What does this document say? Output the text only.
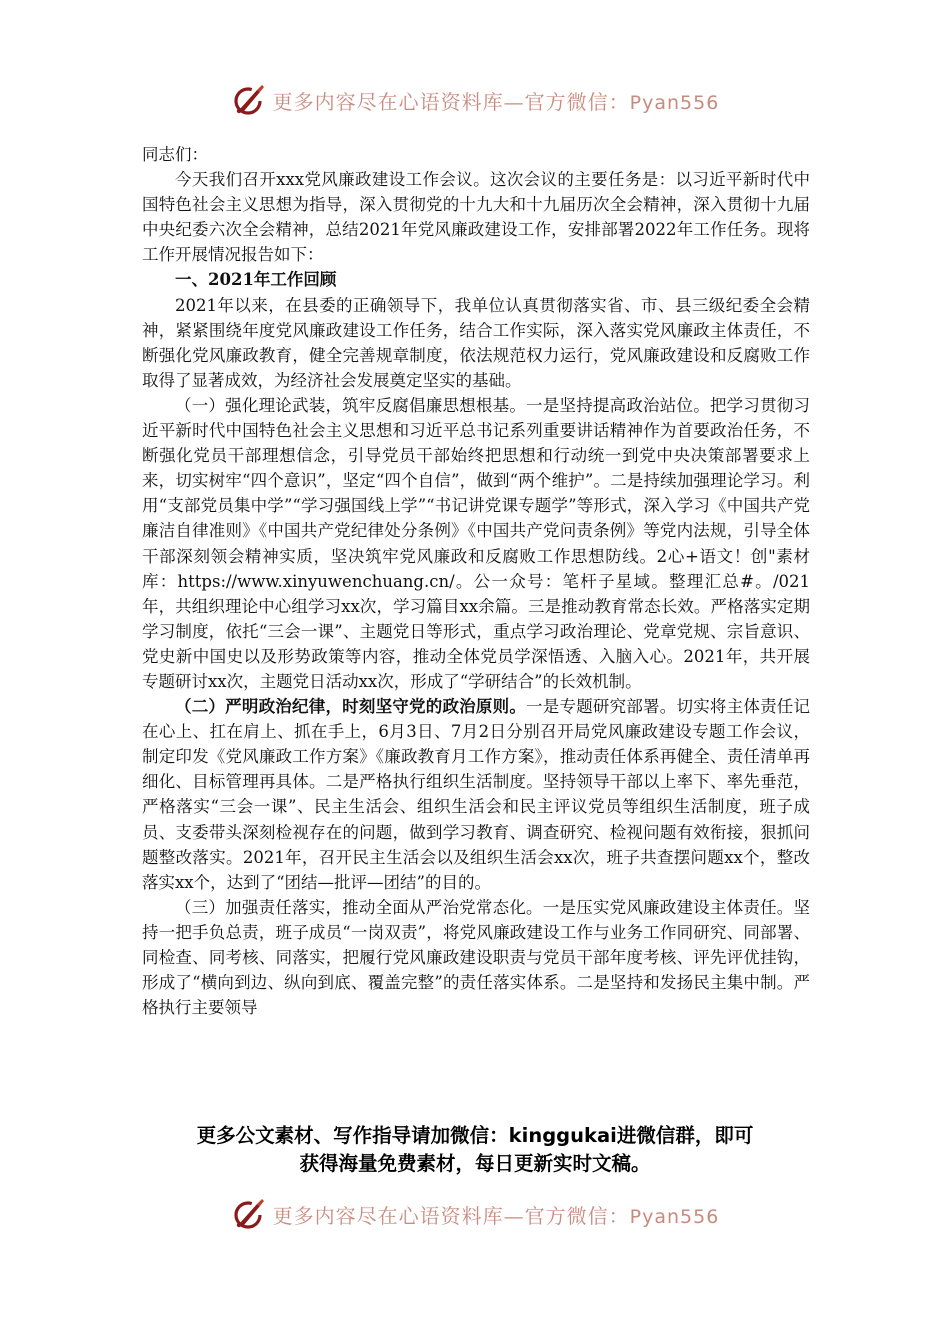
更多内容尽在心语资料库—官方微信：Pyan556

同志们：

今天我们召开xxx党风廉政建设工作会议。这次会议的主要任务是：以习近平新时代中国特色社会主义思想为指导，深入贯彻党的十九大和十九届历次全会精神，深入贯彻十九届中央纪委六次全会精神，总结2021年党风廉政建设工作，安排部署2022年工作任务。现将工作开展情况报告如下：

一、2021年工作回顾

2021年以来，在县委的正确领导下，我单位认真贯彻落实省、市、县三级纪委全会精神，紧紧围绕年度党风廉政建设工作任务，结合工作实际，深入落实党风廉政主体责任，不断强化党风廉政教育，健全完善规章制度，依法规范权力运行，党风廉政建设和反腐败工作取得了显著成效，为经济社会发展奠定坚实的基础。

（一）强化理论武装，筑牢反腐倡廉思想根基。一是坚持提高政治站位。把学习贯彻习近平新时代中国特色社会主义思想和习近平总书记系列重要讲话精神作为首要政治任务，不断强化党员干部理想信念，引导党员干部始终把思想和行动统一到党中央决策部署要求上来，切实树牢“四个意识”，坚定“四个自信”，做到“两个维护”。二是持续加强理论学习。利用“支部党员集中学”“学习强国线上学”“书记讲党课专题学”等形式，深入学习《中国共产党廉洁自律准则》《中国共产党纪律处分条例》《中国共产党问责条例》等党内法规，引导全体干部深刻领会精神实质，坚决筑牢党风廉政和反腐败工作思想防线。2心+语文！创"素材库：https://www.xinyuwenchuang.cn/。公一众号：笔杆子星域。整理汇总#。/021年，共组织理论中心组学习xx次，学习篇目xx余篇。三是推动教育常态长效。严格落实定期学习制度，依托“三会一课”、主题党日等形式，重点学习政治理论、党章党规、宗旨意识、党史新中国史以及形势政策等内容，推动全体党员学深悟透、入脑入心。2021年，共开展专题研讨xx次，主题党日活动xx次，形成了“学研结合”的长效机制。

（二）严明政治纪律，时刻坚守党的政治原则。一是专题研究部署。切实将主体责任记在心上、扛在肩上、抓在手上，6月3日、7月2日分别召开局党风廉政建设专题工作会议，制定印发《党风廉政工作方案》《廉政教育月工作方案》，推动责任体系再健全、责任清单再细化、目标管理再具体。二是严格执行组织生活制度。坚持领导干部以上率下、率先垂范，严格落实“三会一课”、民主生活会、组织生活会和民主评议党员等组织生活制度，班子成员、支委带头深刻检视存在的问题，做到学习教育、调查研究、检视问题有效衔接，狠抓问题整改落实。2021年，召开民主生活会以及组织生活会xx次，班子共查摆问题xx个，整改落实xx个，达到了“团结—批评—团结”的目的。

（三）加强责任落实，推动全面从严治党常态化。一是压实党风廉政建设主体责任。坚持一把手负总责，班子成员“一岗双责”，将党风廉政建设工作与业务工作同研究、同部署、同检查、同考核、同落实，把履行党风廉政建设职责与党员干部年度考核、评先评优挂钩，形成了“横向到边、纵向到底、覆盖完整”的责任落实体系。二是坚持和发扬民主集中制。严格执行主要领导

更多公文素材、写作指导请加微信：kinggukai进微信群，即可
获得海量免费素材，每日更新实时文稿。
更多内容尽在心语资料库—官方微信：Pyan556
